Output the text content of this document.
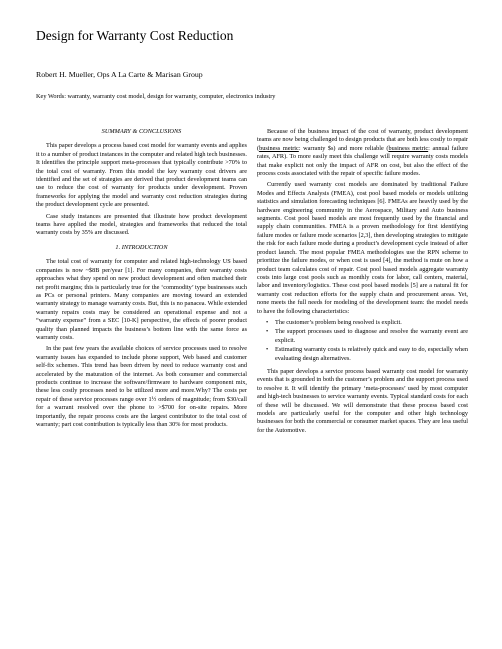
Design for Warranty Cost Reduction
Robert H. Mueller, Ops A La Carte & Marisan Group
Key Words: warranty, warranty cost model, design for warranty, computer, electronics industry
SUMMARY & CONCLUSIONS

This paper develops a process based cost model for warranty events and applies it to a number of product instances in the computer and related high tech businesses. It identifies the principle support meta-processes that typically contribute >70% to the total cost of warranty. From this model the key warranty cost drivers are identified and the set of strategies are derived that product development teams can use to reduce the cost of warranty for products under development. Proven frameworks for applying the model and warranty cost reduction strategies during the product development cycle are presented.

Case study instances are presented that illustrate how product development teams have applied the model, strategies and frameworks that reduced the total warranty costs by 35% are discussed.

1. INTRODUCTION

The total cost of warranty for computer and related high-technology US based companies is now ~$8B per/year [1]. For many companies, their warranty costs approaches what they spend on new product development and often matched their net profit margins; this is particularly true for the ‘commodity’ type businesses such as PCs or personal printers. Many companies are moving toward an extended warranty strategy to manage warranty costs. But, this is no panacea. While extended warranty repairs costs may be considered an operational expense and not a “warranty expense” from a SEC [10-K] perspective, the effects of poorer product quality than planned impacts the business’s bottom line with the same force as warranty costs.

In the past few years the available choices of service processes used to resolve warranty issues has expanded to include phone support, Web based and customer self-fix schemes. This trend has been driven by need to reduce warranty cost and accelerated by the maturation of the internet. As both consumer and commercial products continue to increase the software/firmware to hardware component mix, these less costly processes need to be utilized more and more.Why? The costs per repair of these service processes range over 1½ orders of magnitude; from $30/call for a warrant resolved over the phone to >$700 for on-site repairs. More importantly, the repair process costs are the largest contributor to the total cost of warranty; part cost contribution is typically less than 30% for most products.

Because of the business impact of the cost of warranty, product development teams are now being challenged to design products that are both less costly to repair (business metric: warranty $s) and more reliable (business metric: annual failure rates, AFR). To more easily meet this challenge will require warranty costs models that make explicit not only the impact of AFR on cost, but also the effect of the process costs associated with the repair of specific failure modes.

Currently used warranty cost models are dominated by traditional Failure Modes and Effects Analysis (FMEA), cost pool based models or models utilizing statistics and simulation forecasting techniques [6]. FMEAs are heavily used by the hardware engineering community in the Aerospace, Military and Auto business segments. Cost pool based models are most frequently used by the financial and supply chain communities. FMEA is a proven methodology for first identifying failure modes or failure mode scenarios [2,3], then developing strategies to mitigate the risk for each failure mode during a product’s development cycle instead of after product launch. The most popular FMEA methodologies use the RPN scheme to prioritize the failure modes, or when cost is used [4], the method is mute on how a product team calculates cost of repair. Cost pool based models aggregate warranty costs into large cost pools such as monthly costs for labor, call centers, material, labor and inventory/logistics. These cost pool based models [5] are a natural fit for warranty cost reduction efforts for the supply chain and procurement areas. Yet, none meets the full needs for modeling of the development team: the model needs to have the following characteristics:

• The customer’s problem being resolved is explicit.
• The support processes used to diagnose and resolve the warranty event are explicit.
• Estimating warranty costs is relatively quick and easy to do, especially when evaluating design alternatives.

This paper develops a service process based warranty cost model for warranty events that is grounded in both the customer’s problem and the support process used to resolve it. It will identify the primary ‘meta-processes’ used by most computer and high-tech businesses to service warranty events. Typical standard costs for each of these will be discussed. We will demonstrate that these process based cost models are particularly useful for the computer and other high technology businesses for both the commercial or consumer market spaces. They are less useful for the Automotive.
